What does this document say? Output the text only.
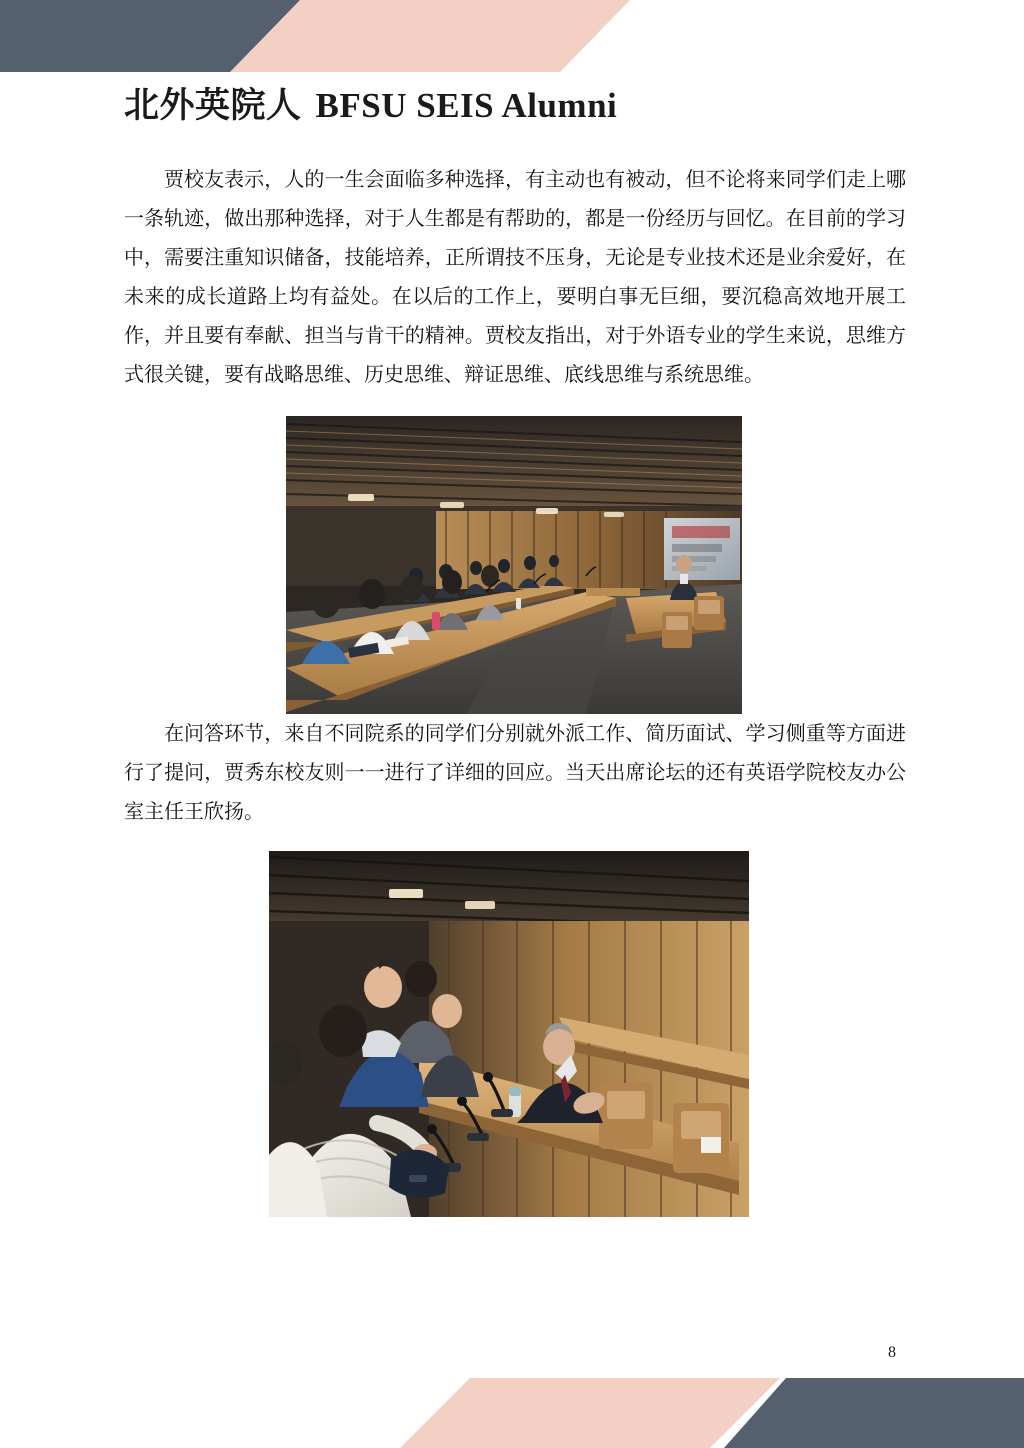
北外英院人 BFSU SEIS Alumni

贾校友表示，人的一生会面临多种选择，有主动也有被动，但不论将来同学们走上哪一条轨迹，做出那种选择，对于人生都是有帮助的，都是一份经历与回忆。在目前的学习中，需要注重知识储备，技能培养，正所谓技不压身，无论是专业技术还是业余爱好，在未来的成长道路上均有益处。在以后的工作上，要明白事无巨细，要沉稳高效地开展工作，并且要有奉献、担当与肯干的精神。贾校友指出，对于外语专业的学生来说，思维方式很关键，要有战略思维、历史思维、辩证思维、底线思维与系统思维。

在问答环节，来自不同院系的同学们分别就外派工作、简历面试、学习侧重等方面进行了提问，贾秀东校友则一一进行了详细的回应。当天出席论坛的还有英语学院校友办公室主任王欣扬。

8
